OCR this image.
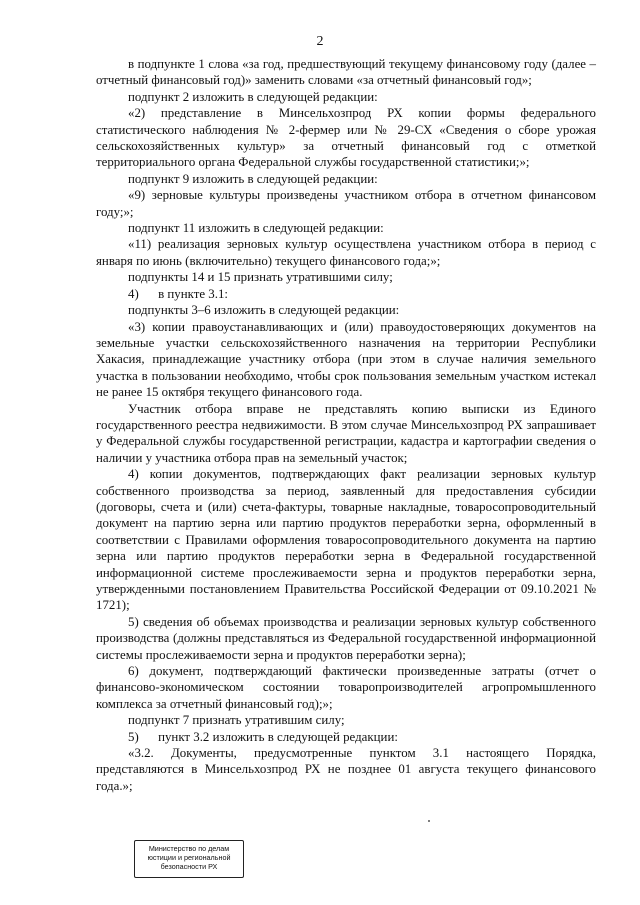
2

в подпункте 1 слова «за год, предшествующий текущему финансовому году (далее – отчетный финансовый год)» заменить словами «за отчетный финансовый год»;

подпункт 2 изложить в следующей редакции:

«2) представление в Минсельхозпрод РХ копии формы федерального статистического наблюдения № 2-фермер или № 29-СХ «Сведения о сборе урожая сельскохозяйственных культур» за отчетный финансовый год с отметкой территориального органа Федеральной службы государственной статистики;»;

подпункт 9 изложить в следующей редакции:

«9) зерновые культуры произведены участником отбора в отчетном финансовом году;»;

подпункт 11 изложить в следующей редакции:

«11) реализация зерновых культур осуществлена участником отбора в период с января по июнь (включительно) текущего финансового года;»;

подпункты 14 и 15 признать утратившими силу;

4)      в пункте 3.1:

подпункты 3–6 изложить в следующей редакции:

«3) копии правоустанавливающих и (или) правоудостоверяющих документов на земельные участки сельскохозяйственного назначения на территории Республики Хакасия, принадлежащие участнику отбора (при этом в случае наличия земельного участка в пользовании необходимо, чтобы срок пользования земельным участком истекал не ранее 15 октября текущего финансового года.

Участник отбора вправе не представлять копию выписки из Единого государственного реестра недвижимости. В этом случае Минсельхозпрод РХ запрашивает у Федеральной службы государственной регистрации, кадастра и картографии сведения о наличии у участника отбора прав на земельный участок;

4) копии документов, подтверждающих факт реализации зерновых культур собственного производства за период, заявленный для предоставления субсидии (договоры, счета и (или) счета-фактуры, товарные накладные, товаросопроводительный документ на партию зерна или партию продуктов переработки зерна, оформленный в соответствии с Правилами оформления товаросопроводительного документа на партию зерна или партию продуктов переработки зерна в Федеральной государственной информационной системе прослеживаемости зерна и продуктов переработки зерна, утвержденными постановлением Правительства Российской Федерации от 09.10.2021 № 1721);

5) сведения об объемах производства и реализации зерновых культур собственного производства (должны представляться из Федеральной государственной информационной системы прослеживаемости зерна и продуктов переработки зерна);

6) документ, подтверждающий фактически произведенные затраты (отчет о финансово-экономическом состоянии товаропроизводителей агропромышленного комплекса за отчетный финансовый год);»;

подпункт 7 признать утратившим силу;

5)      пункт 3.2 изложить в следующей редакции:

«3.2. Документы, предусмотренные пунктом 3.1 настоящего Порядка, представляются в Минсельхозпрод РХ не позднее 01 августа текущего финансового года.»;

Министерство по делам
юстиции и региональной
безопасности РХ
